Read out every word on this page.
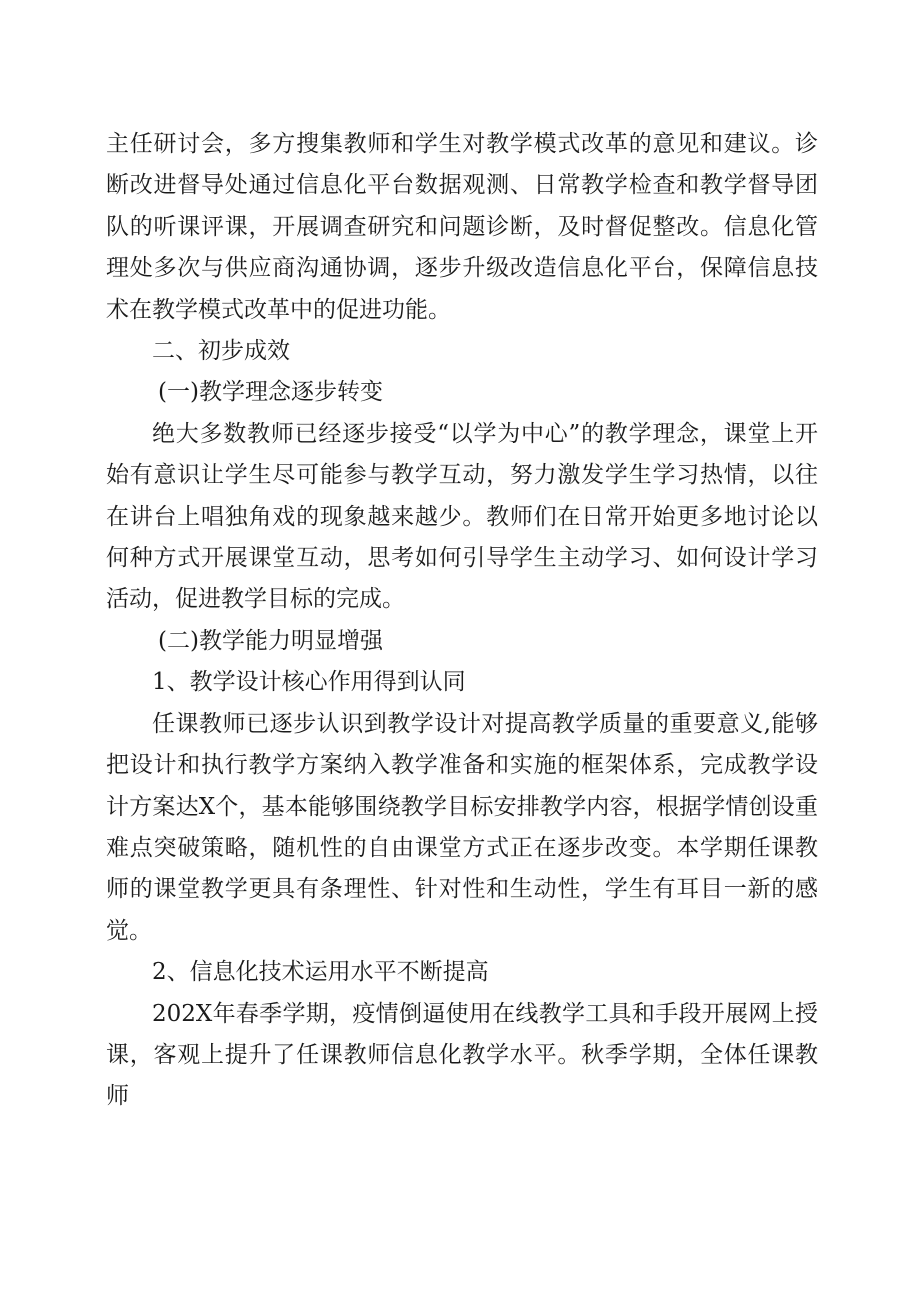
主任研讨会，多方搜集教师和学生对教学模式改革的意见和建议。诊断改进督导处通过信息化平台数据观测、日常教学检查和教学督导团队的听课评课，开展调查研究和问题诊断，及时督促整改。信息化管理处多次与供应商沟通协调，逐步升级改造信息化平台，保障信息技术在教学模式改革中的促进功能。

二、初步成效

(一)教学理念逐步转变

绝大多数教师已经逐步接受“以学为中心”的教学理念，课堂上开始有意识让学生尽可能参与教学互动，努力激发学生学习热情，以往在讲台上唱独角戏的现象越来越少。教师们在日常开始更多地讨论以何种方式开展课堂互动，思考如何引导学生主动学习、如何设计学习活动，促进教学目标的完成。

(二)教学能力明显增强

1、教学设计核心作用得到认同

任课教师已逐步认识到教学设计对提高教学质量的重要意义,能够把设计和执行教学方案纳入教学准备和实施的框架体系，完成教学设计方案达X个，基本能够围绕教学目标安排教学内容，根据学情创设重难点突破策略，随机性的自由课堂方式正在逐步改变。本学期任课教师的课堂教学更具有条理性、针对性和生动性，学生有耳目一新的感觉。

2、信息化技术运用水平不断提高

202X年春季学期，疫情倒逼使用在线教学工具和手段开展网上授课，客观上提升了任课教师信息化教学水平。秋季学期，全体任课教师
